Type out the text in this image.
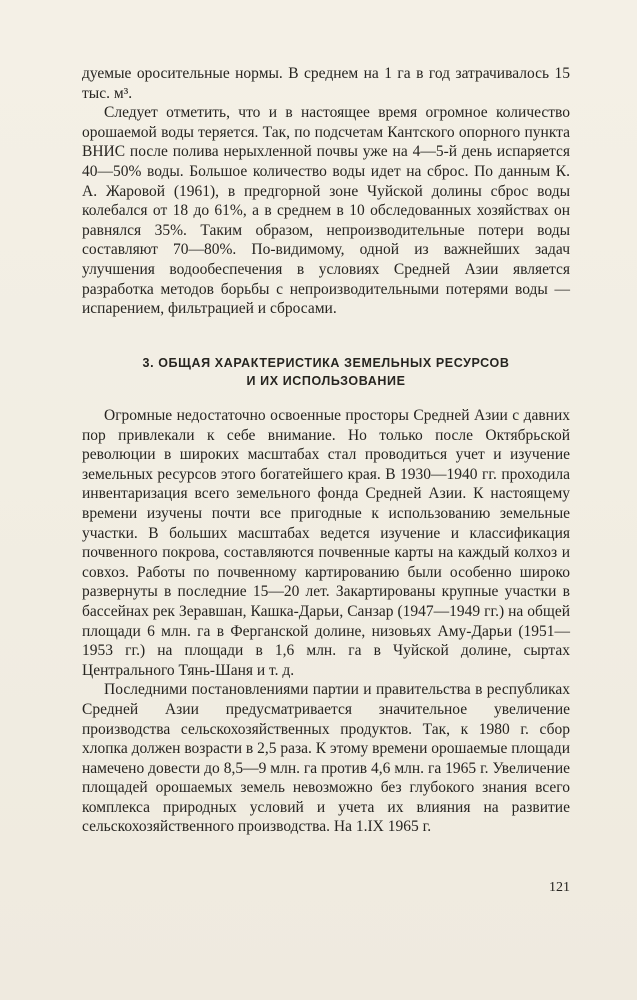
дуемые оросительные нормы. В среднем на 1 га в год затрачивалось 15 тыс. м³.

Следует отметить, что и в настоящее время огромное количество орошаемой воды теряется. Так, по подсчетам Кантского опорного пункта ВНИС после полива нерыхленной почвы уже на 4—5-й день испаряется 40—50% воды. Большое количество воды идет на сброс. По данным К. А. Жаровой (1961), в предгорной зоне Чуйской долины сброс воды колебался от 18 до 61%, а в среднем в 10 обследованных хозяйствах он равнялся 35%. Таким образом, непроизводительные потери воды составляют 70—80%. По-видимому, одной из важнейших задач улучшения водообеспечения в условиях Средней Азии является разработка методов борьбы с непроизводительными потерями воды — испарением, фильтрацией и сбросами.

3. ОБЩАЯ ХАРАКТЕРИСТИКА ЗЕМЕЛЬНЫХ РЕСУРСОВ
И ИХ ИСПОЛЬЗОВАНИЕ

Огромные недостаточно освоенные просторы Средней Азии с давних пор привлекали к себе внимание. Но только после Октябрьской революции в широких масштабах стал проводиться учет и изучение земельных ресурсов этого богатейшего края. В 1930—1940 гг. проходила инвентаризация всего земельного фонда Средней Азии. К настоящему времени изучены почти все пригодные к использованию земельные участки. В больших масштабах ведется изучение и классификация почвенного покрова, составляются почвенные карты на каждый колхоз и совхоз. Работы по почвенному картированию были особенно широко развернуты в последние 15—20 лет. Закартированы крупные участки в бассейнах рек Зеравшан, Кашка-Дарьи, Санзар (1947—1949 гг.) на общей площади 6 млн. га в Ферганской долине, низовьях Аму-Дарьи (1951—1953 гг.) на площади в 1,6 млн. га в Чуйской долине, сыртах Центрального Тянь-Шаня и т. д.

Последними постановлениями партии и правительства в республиках Средней Азии предусматривается значительное увеличение производства сельскохозяйственных продуктов. Так, к 1980 г. сбор хлопка должен возрасти в 2,5 раза. К этому времени орошаемые площади намечено довести до 8,5—9 млн. га против 4,6 млн. га 1965 г. Увеличение площадей орошаемых земель невозможно без глубокого знания всего комплекса природных условий и учета их влияния на развитие сельскохозяйственного производства. На 1.IX 1965 г.

121
